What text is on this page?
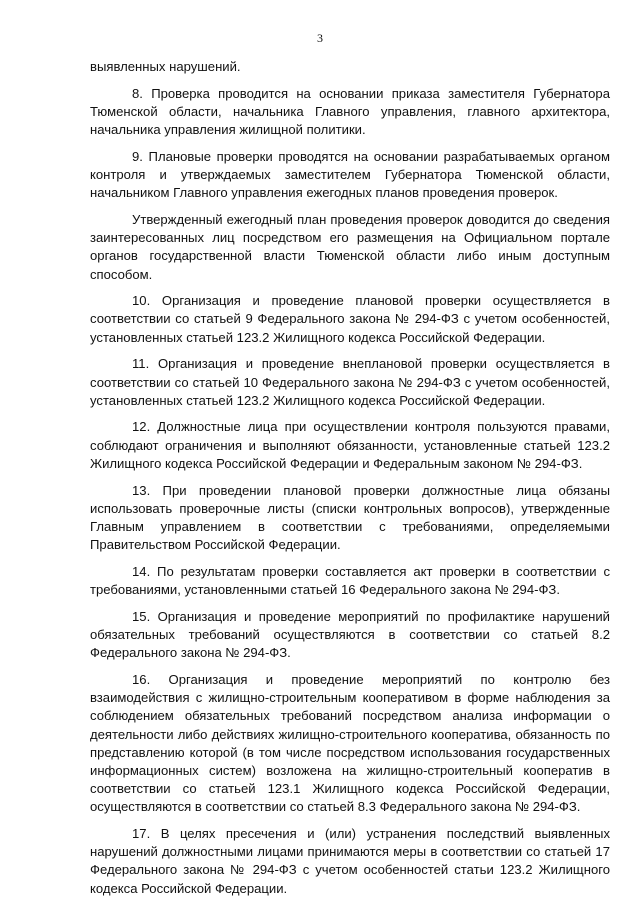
3

выявленных нарушений.

8. Проверка проводится на основании приказа заместителя Губернатора Тюменской области, начальника Главного управления, главного архитектора, начальника управления жилищной политики.

9. Плановые проверки проводятся на основании разрабатываемых органом контроля и утверждаемых заместителем Губернатора Тюменской области, начальником Главного управления ежегодных планов проведения проверок.

Утвержденный ежегодный план проведения проверок доводится до сведения заинтересованных лиц посредством его размещения на Официальном портале органов государственной власти Тюменской области либо иным доступным способом.

10. Организация и проведение плановой проверки осуществляется в соответствии со статьей 9 Федерального закона № 294-ФЗ с учетом особенностей, установленных статьей 123.2 Жилищного кодекса Российской Федерации.

11. Организация и проведение внеплановой проверки осуществляется в соответствии со статьей 10 Федерального закона № 294-ФЗ с учетом особенностей, установленных статьей 123.2 Жилищного кодекса Российской Федерации.

12. Должностные лица при осуществлении контроля пользуются правами, соблюдают ограничения и выполняют обязанности, установленные статьей 123.2 Жилищного кодекса Российской Федерации и Федеральным законом № 294-ФЗ.

13. При проведении плановой проверки должностные лица обязаны использовать проверочные листы (списки контрольных вопросов), утвержденные Главным управлением в соответствии с требованиями, определяемыми Правительством Российской Федерации.

14. По результатам проверки составляется акт проверки в соответствии с требованиями, установленными статьей 16 Федерального закона № 294-ФЗ.

15. Организация и проведение мероприятий по профилактике нарушений обязательных требований осуществляются в соответствии со статьей 8.2 Федерального закона № 294-ФЗ.

16. Организация и проведение мероприятий по контролю без взаимодействия с жилищно-строительным кооперативом в форме наблюдения за соблюдением обязательных требований посредством анализа информации о деятельности либо действиях жилищно-строительного кооператива, обязанность по представлению которой (в том числе посредством использования государственных информационных систем) возложена на жилищно-строительный кооператив в соответствии со статьей 123.1 Жилищного кодекса Российской Федерации, осуществляются в соответствии со статьей 8.3 Федерального закона № 294-ФЗ.

17. В целях пресечения и (или) устранения последствий выявленных нарушений должностными лицами принимаются меры в соответствии со статьей 17 Федерального закона № 294-ФЗ с учетом особенностей статьи 123.2 Жилищного кодекса Российской Федерации.
